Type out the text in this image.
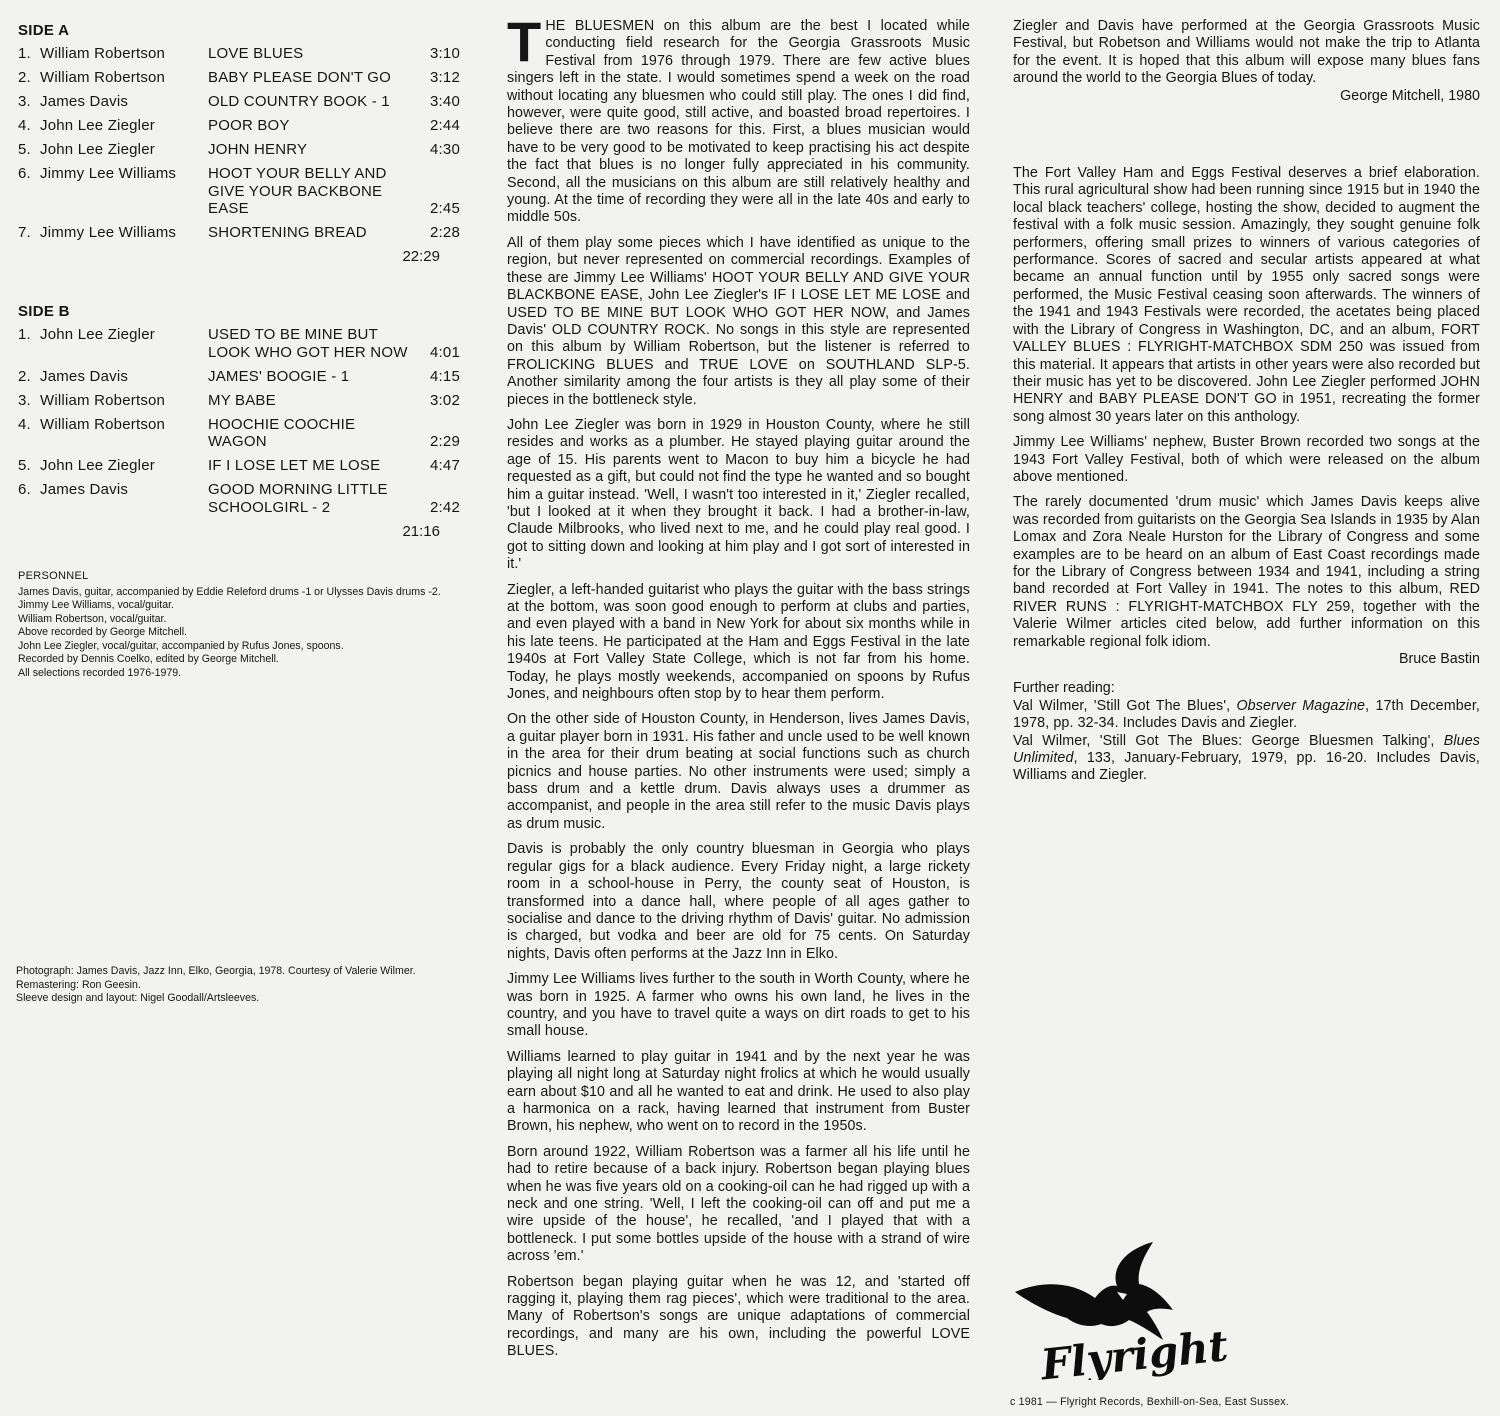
SIDE A
1. William Robertson	LOVE BLUES	3:10
2. William Robertson	BABY PLEASE DON'T GO	3:12
3. James Davis	OLD COUNTRY BOOK - 1	3:40
4. John Lee Ziegler	POOR BOY	2:44
5. John Lee Ziegler	JOHN HENRY	4:30
6. Jimmy Lee Williams	HOOT YOUR BELLY AND GIVE YOUR BACKBONE EASE	2:45
7. Jimmy Lee Williams	SHORTENING BREAD	2:28
22:29
SIDE B
1. John Lee Ziegler	USED TO BE MINE BUT LOOK WHO GOT HER NOW	4:01
2. James Davis	JAMES' BOOGIE - 1	4:15
3. William Robertson	MY BABE	3:02
4. William Robertson	HOOCHIE COOCHIE WAGON	2:29
5. John Lee Ziegler	IF I LOSE LET ME LOSE	4:47
6. James Davis	GOOD MORNING LITTLE SCHOOLGIRL - 2	2:42
21:16
PERSONNEL
James Davis, guitar, accompanied by Eddie Releford drums -1 or Ulysses Davis drums -2.
Jimmy Lee Williams, vocal/guitar.
William Robertson, vocal/guitar.
Above recorded by George Mitchell.
John Lee Ziegler, vocal/guitar, accompanied by Rufus Jones, spoons.
Recorded by Dennis Coelko, edited by George Mitchell.
All selections recorded 1976-1979.
Photograph: James Davis, Jazz Inn, Elko, Georgia, 1978. Courtesy of Valerie Wilmer.
Remastering: Ron Geesin.
Sleeve design and layout: Nigel Goodall/Artsleeves.

THE BLUESMEN on this album are the best I located while conducting field research for the Georgia Grassroots Music Festival from 1976 through 1979. There are few active blues singers left in the state. I would sometimes spend a week on the road without locating any bluesmen who could still play. The ones I did find, however, were quite good, still active, and boasted broad repertoires. I believe there are two reasons for this. First, a blues musician would have to be very good to be motivated to keep practising his act despite the fact that blues is no longer fully appreciated in his community. Second, all the musicians on this album are still relatively healthy and young. At the time of recording they were all in the late 40s and early to middle 50s.

All of them play some pieces which I have identified as unique to the region, but never represented on commercial recordings. Examples of these are Jimmy Lee Williams' HOOT YOUR BELLY AND GIVE YOUR BLACKBONE EASE, John Lee Ziegler's IF I LOSE LET ME LOSE and USED TO BE MINE BUT LOOK WHO GOT HER NOW, and James Davis' OLD COUNTRY ROCK. No songs in this style are represented on this album by William Robertson, but the listener is referred to FROLICKING BLUES and TRUE LOVE on SOUTHLAND SLP-5. Another similarity among the four artists is they all play some of their pieces in the bottleneck style.

John Lee Ziegler was born in 1929 in Houston County, where he still resides and works as a plumber. He stayed playing guitar around the age of 15. His parents went to Macon to buy him a bicycle he had requested as a gift, but could not find the type he wanted and so bought him a guitar instead. 'Well, I wasn't too interested in it,' Ziegler recalled, 'but I looked at it when they brought it back. I had a brother-in-law, Claude Milbrooks, who lived next to me, and he could play real good. I got to sitting down and looking at him play and I got sort of interested in it.'

Ziegler, a left-handed guitarist who plays the guitar with the bass strings at the bottom, was soon good enough to perform at clubs and parties, and even played with a band in New York for about six months while in his late teens. He participated at the Ham and Eggs Festival in the late 1940s at Fort Valley State College, which is not far from his home. Today, he plays mostly weekends, accompanied on spoons by Rufus Jones, and neighbours often stop by to hear them perform.

On the other side of Houston County, in Henderson, lives James Davis, a guitar player born in 1931. His father and uncle used to be well known in the area for their drum beating at social functions such as church picnics and house parties. No other instruments were used; simply a bass drum and a kettle drum. Davis always uses a drummer as accompanist, and people in the area still refer to the music Davis plays as drum music.

Davis is probably the only country bluesman in Georgia who plays regular gigs for a black audience. Every Friday night, a large rickety room in a school-house in Perry, the county seat of Houston, is transformed into a dance hall, where people of all ages gather to socialise and dance to the driving rhythm of Davis' guitar. No admission is charged, but vodka and beer are old for 75 cents. On Saturday nights, Davis often performs at the Jazz Inn in Elko.

Jimmy Lee Williams lives further to the south in Worth County, where he was born in 1925. A farmer who owns his own land, he lives in the country, and you have to travel quite a ways on dirt roads to get to his small house.

Williams learned to play guitar in 1941 and by the next year he was playing all night long at Saturday night frolics at which he would usually earn about $10 and all he wanted to eat and drink. He used to also play a harmonica on a rack, having learned that instrument from Buster Brown, his nephew, who went on to record in the 1950s.

Born around 1922, William Robertson was a farmer all his life until he had to retire because of a back injury. Robertson began playing blues when he was five years old on a cooking-oil can he had rigged up with a neck and one string. 'Well, I left the cooking-oil can off and put me a wire upside of the house', he recalled, 'and I played that with a bottleneck. I put some bottles upside of the house with a strand of wire across 'em.'

Robertson began playing guitar when he was 12, and 'started off ragging it, playing them rag pieces', which were traditional to the area. Many of Robertson's songs are unique adaptations of commercial recordings, and many are his own, including the powerful LOVE BLUES.

Ziegler and Davis have performed at the Georgia Grassroots Music Festival, but Robetson and Williams would not make the trip to Atlanta for the event. It is hoped that this album will expose many blues fans around the world to the Georgia Blues of today.

George Mitchell, 1980

The Fort Valley Ham and Eggs Festival deserves a brief elaboration. This rural agricultural show had been running since 1915 but in 1940 the local black teachers' college, hosting the show, decided to augment the festival with a folk music session. Amazingly, they sought genuine folk performers, offering small prizes to winners of various categories of performance. Scores of sacred and secular artists appeared at what became an annual function until by 1955 only sacred songs were performed, the Music Festival ceasing soon afterwards. The winners of the 1941 and 1943 Festivals were recorded, the acetates being placed with the Library of Congress in Washington, DC, and an album, FORT VALLEY BLUES : FLYRIGHT-MATCHBOX SDM 250 was issued from this material. It appears that artists in other years were also recorded but their music has yet to be discovered. John Lee Ziegler performed JOHN HENRY and BABY PLEASE DON'T GO in 1951, recreating the former song almost 30 years later on this anthology.

Jimmy Lee Williams' nephew, Buster Brown recorded two songs at the 1943 Fort Valley Festival, both of which were released on the album above mentioned.

The rarely documented 'drum music' which James Davis keeps alive was recorded from guitarists on the Georgia Sea Islands in 1935 by Alan Lomax and Zora Neale Hurston for the Library of Congress and some examples are to be heard on an album of East Coast recordings made for the Library of Congress between 1934 and 1941, including a string band recorded at Fort Valley in 1941. The notes to this album, RED RIVER RUNS : FLYRIGHT-MATCHBOX FLY 259, together with the Valerie Wilmer articles cited below, add further information on this remarkable regional folk idiom.

Bruce Bastin
Further reading:

Val Wilmer, 'Still Got The Blues', Observer Magazine, 17th December, 1978, pp. 32-34. Includes Davis and Ziegler.

Val Wilmer, 'Still Got The Blues: George Bluesmen Talking', Blues Unlimited, 133, January-February, 1979, pp. 16-20. Includes Davis, Williams and Ziegler.

Flyright
c 1981 — Flyright Records, Bexhill-on-Sea, East Sussex.
